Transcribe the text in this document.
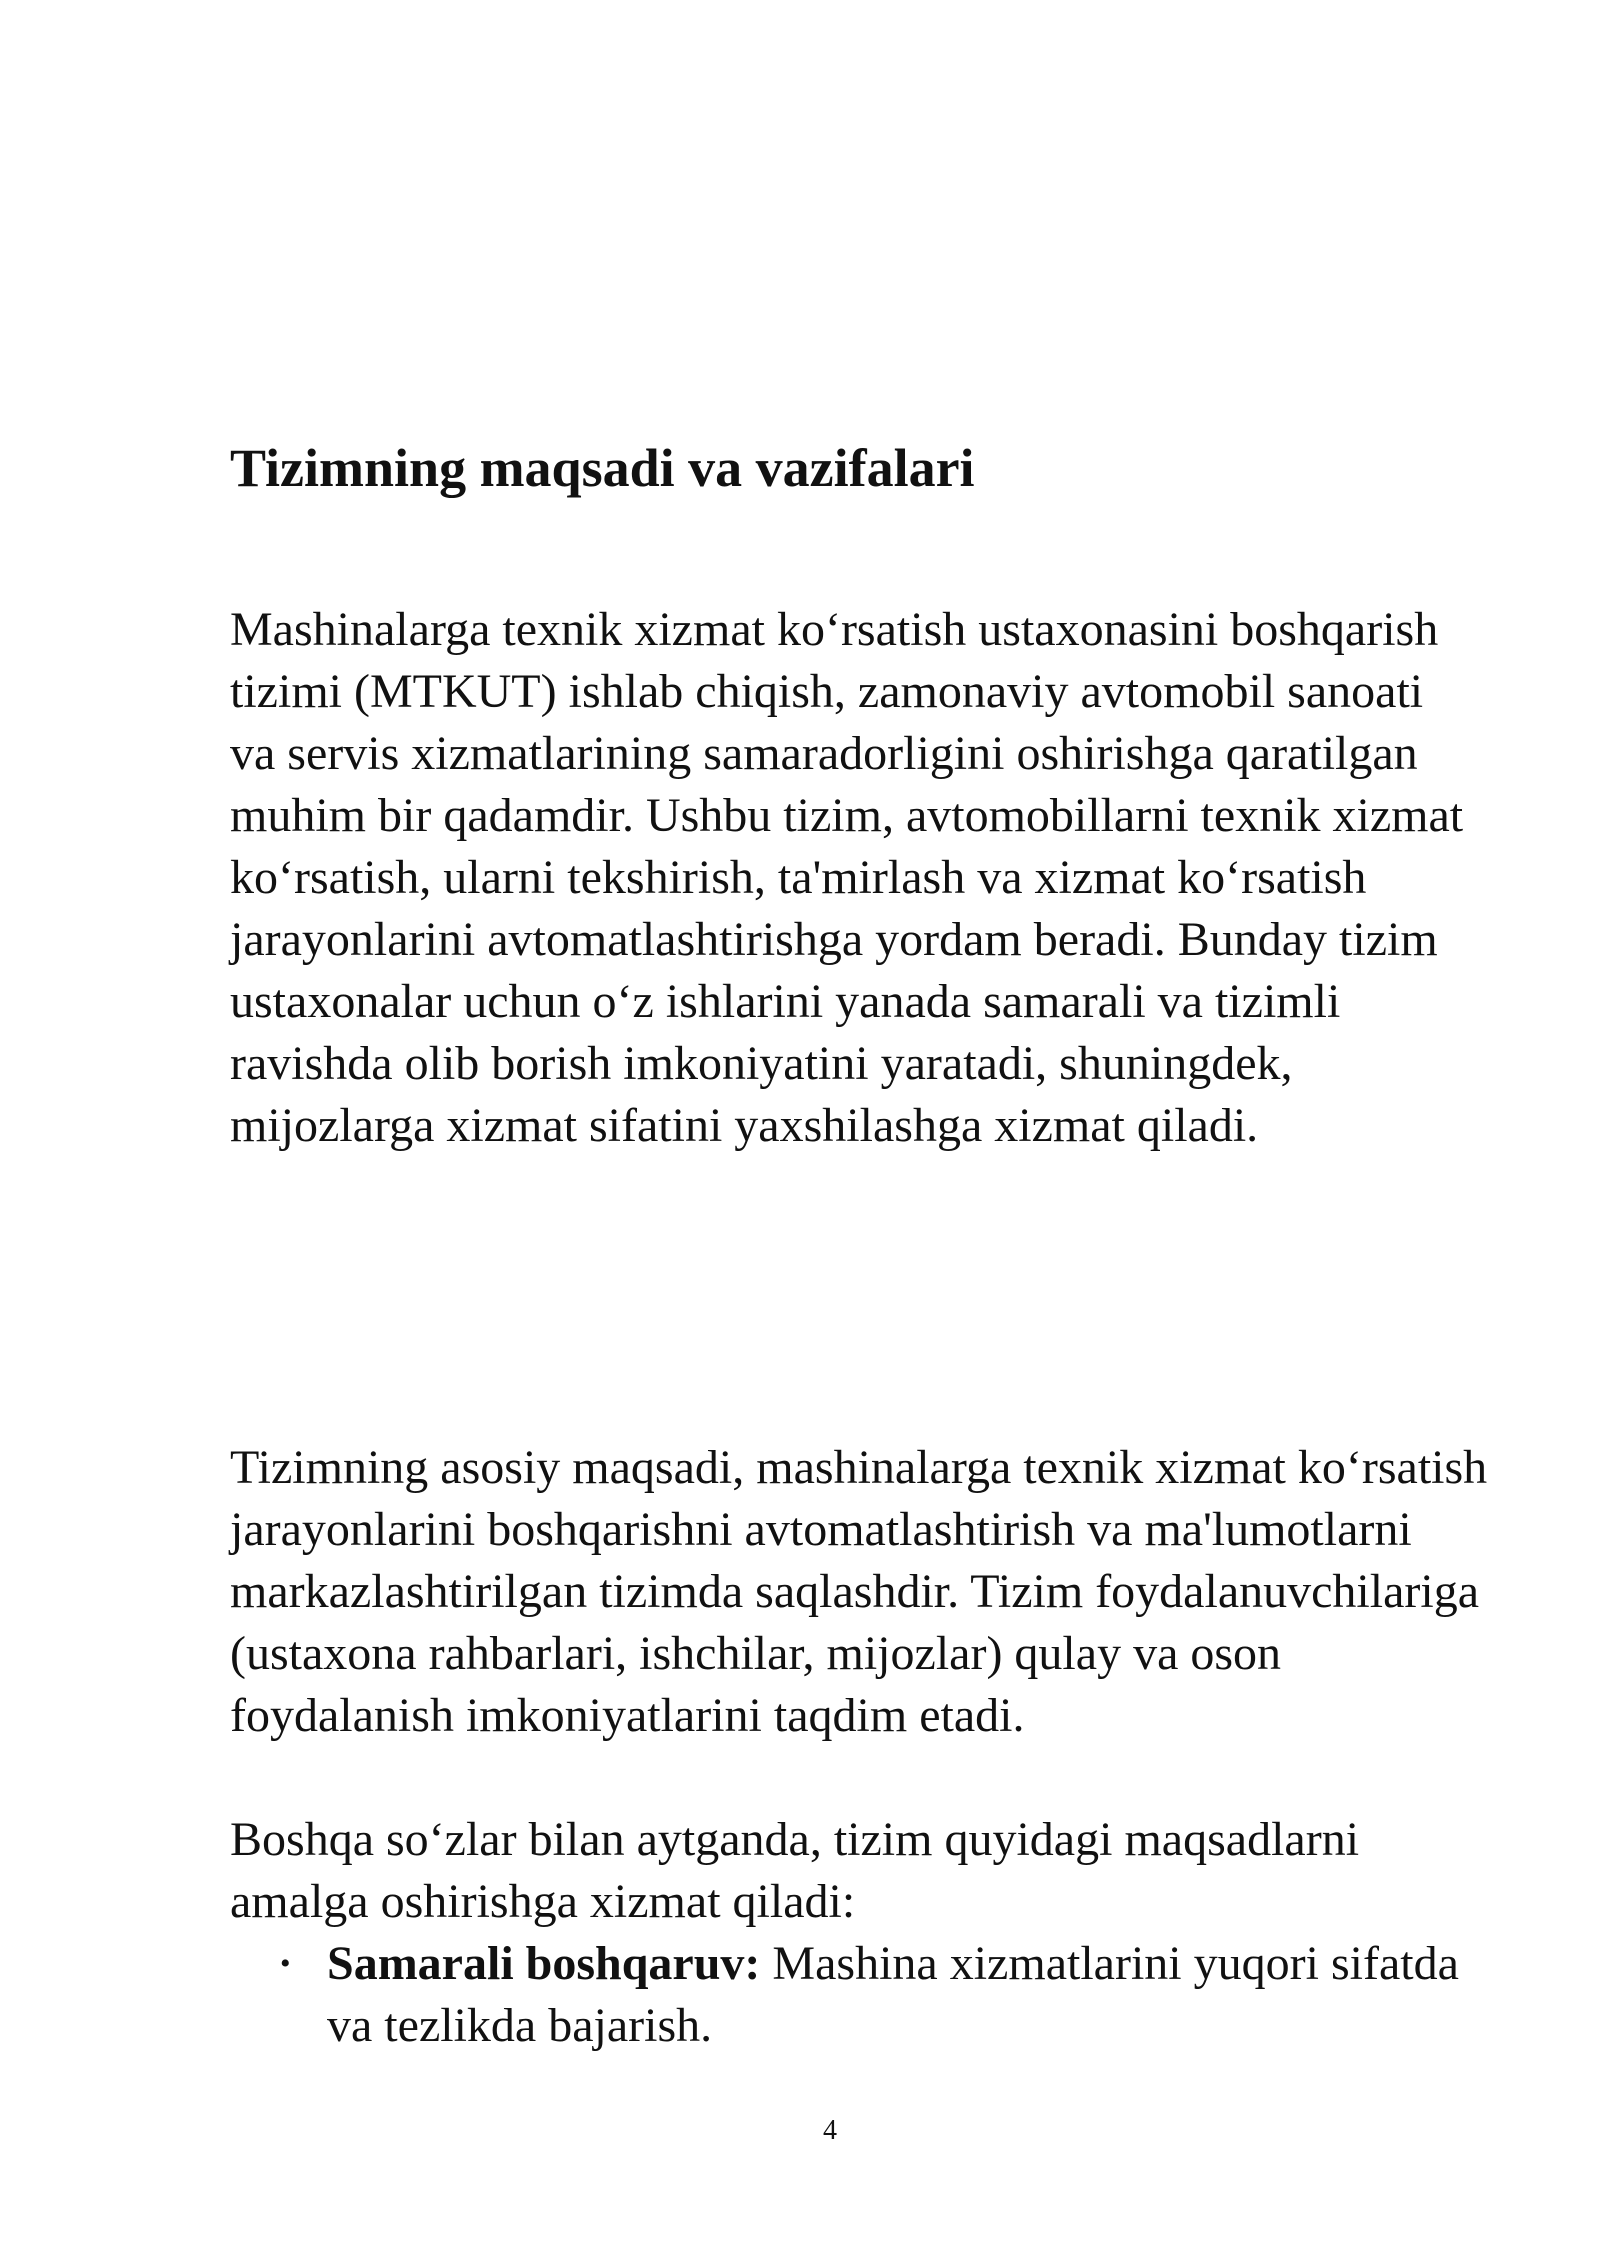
Tizimning maqsadi va vazifalari

Mashinalarga texnik xizmat ko‘rsatish ustaxonasini boshqarish tizimi (MTKUT) ishlab chiqish, zamonaviy avtomobil sanoati va servis xizmatlarining samaradorligini oshirishga qaratilgan muhim bir qadamdir. Ushbu tizim, avtomobillarni texnik xizmat ko‘rsatish, ularni tekshirish, ta'mirlash va xizmat ko‘rsatish jarayonlarini avtomatlashtirishga yordam beradi. Bunday tizim ustaxonalar uchun o‘z ishlarini yanada samarali va tizimli ravishda olib borish imkoniyatini yaratadi, shuningdek, mijozlarga xizmat sifatini yaxshilashga xizmat qiladi.

Tizimning asosiy maqsadi, mashinalarga texnik xizmat ko‘rsatish jarayonlarini boshqarishni avtomatlashtirish va ma'lumotlarni markazlashtirilgan tizimda saqlashdir. Tizim foydalanuvchilariga (ustaxona rahbarlari, ishchilar, mijozlar) qulay va oson foydalanish imkoniyatlarini taqdim etadi.

Boshqa so‘zlar bilan aytganda, tizim quyidagi maqsadlarni amalga oshirishga xizmat qiladi:

• Samarali boshqaruv: Mashina xizmatlarini yuqori sifatda va tezlikda bajarish.

4
